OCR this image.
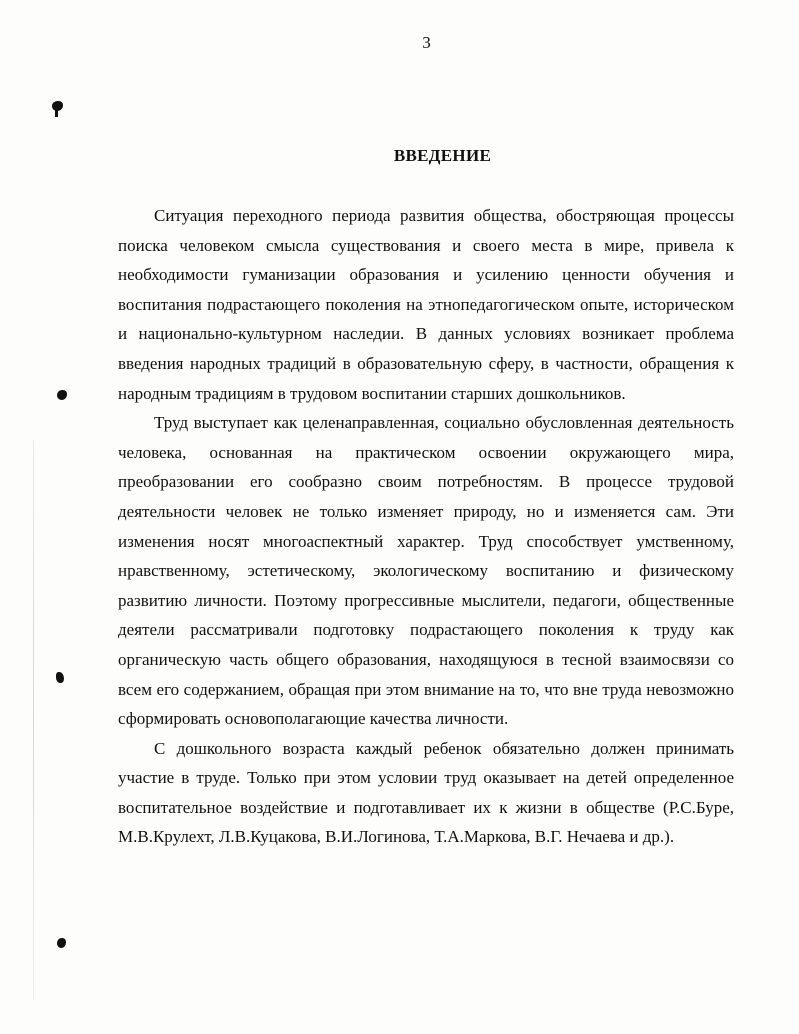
3
ВВЕДЕНИЕ

Ситуация переходного периода развития общества, обостряющая процессы поиска человеком смысла существования и своего места в мире, привела к необходимости гуманизации образования и усилению ценности обучения и воспитания подрастающего поколения на этнопедагогическом опыте, историческом и национально-культурном наследии. В данных условиях возникает проблема введения народных традиций в образовательную сферу, в частности, обращения к народным традициям в трудовом воспитании старших дошкольников.

Труд выступает как целенаправленная, социально обусловленная деятельность человека, основанная на практическом освоении окружающего мира, преобразовании его сообразно своим потребностям. В процессе трудовой деятельности человек не только изменяет природу, но и изменяется сам. Эти изменения носят многоаспектный характер. Труд способствует умственному, нравственному, эстетическому, экологическому воспитанию и физическому развитию личности. Поэтому прогрессивные мыслители, педагоги, общественные деятели рассматривали подготовку подрастающего поколения к труду как органическую часть общего образования, находящуюся в тесной взаимосвязи со всем его содержанием, обращая при этом внимание на то, что вне труда невозможно сформировать основополагающие качества личности.

С дошкольного возраста каждый ребенок обязательно должен принимать участие в труде. Только при этом условии труд оказывает на детей определенное воспитательное воздействие и подготавливает их к жизни в обществе (Р.С.Буре, М.В.Крулехт, Л.В.Куцакова, В.И.Логинова, Т.А.Маркова, В.Г. Нечаева и др.).
